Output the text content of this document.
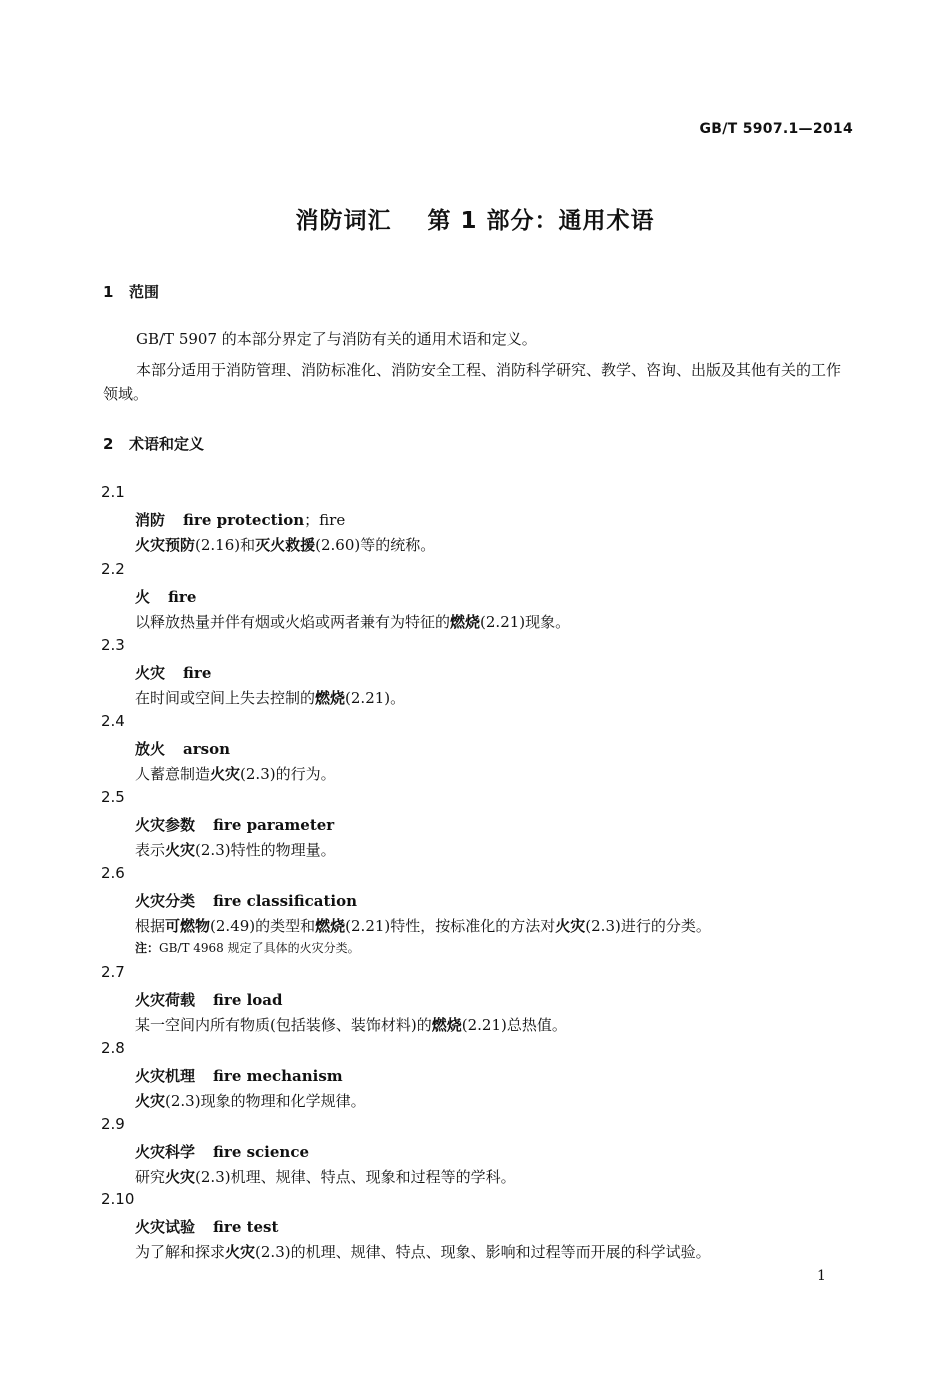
GB/T 5907.1—2014
消防词汇    第 1 部分：通用术语
1 范围
GB/T 5907 的本部分界定了与消防有关的通用术语和定义。
本部分适用于消防管理、消防标准化、消防安全工程、消防科学研究、教学、咨询、出版及其他有关的工作领域。
2 术语和定义
2.1
消防 fire protection；fire
火灾预防(2.16)和灭火救援(2.60)等的统称。
2.2
火 fire
以释放热量并伴有烟或火焰或两者兼有为特征的燃烧(2.21)现象。
2.3
火灾 fire
在时间或空间上失去控制的燃烧(2.21)。
2.4
放火 arson
人蓄意制造火灾(2.3)的行为。
2.5
火灾参数 fire parameter
表示火灾(2.3)特性的物理量。
2.6
火灾分类 fire classification
根据可燃物(2.49)的类型和燃烧(2.21)特性，按标准化的方法对火灾(2.3)进行的分类。
注：GB/T 4968 规定了具体的火灾分类。
2.7
火灾荷载 fire load
某一空间内所有物质(包括装修、装饰材料)的燃烧(2.21)总热值。
2.8
火灾机理 fire mechanism
火灾(2.3)现象的物理和化学规律。
2.9
火灾科学 fire science
研究火灾(2.3)机理、规律、特点、现象和过程等的学科。
2.10
火灾试验 fire test
为了解和探求火灾(2.3)的机理、规律、特点、现象、影响和过程等而开展的科学试验。
1
